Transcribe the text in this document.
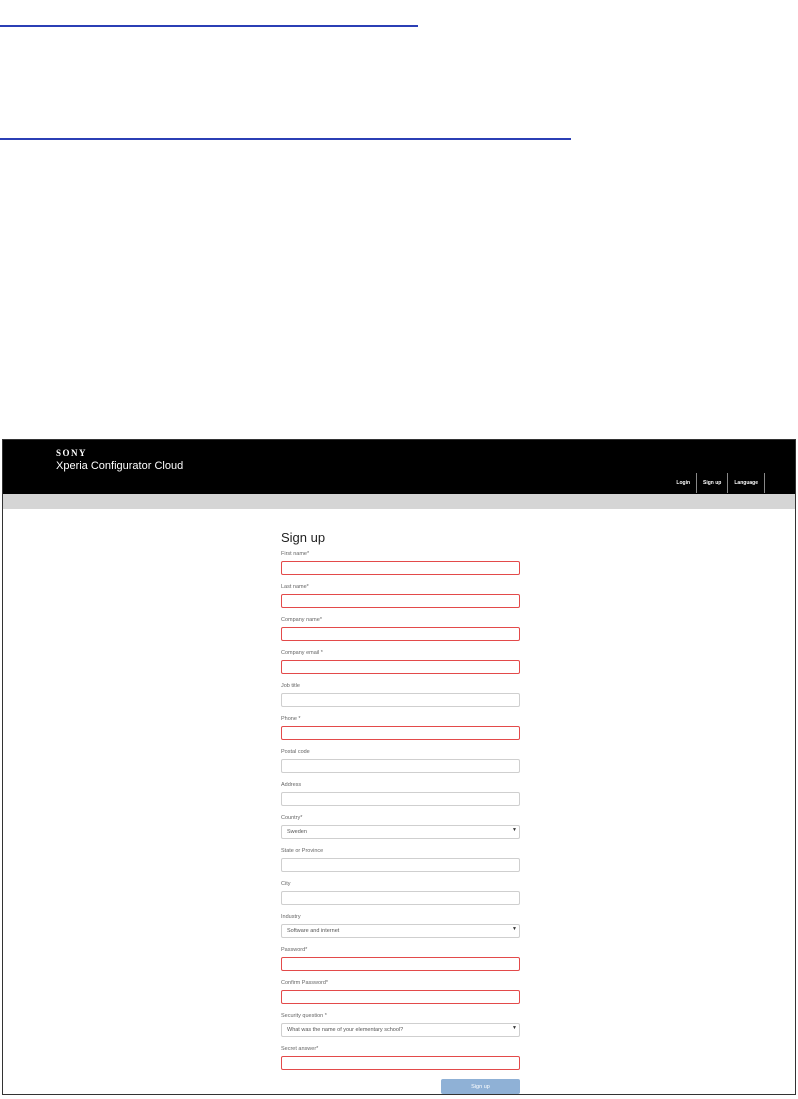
SONY
Xperia Configurator Cloud
Login	Sign up	Language
Sign up
First name*
Last name*
Company name*
Company email *
Job title
Phone *
Postal code
Address
Country*
Sweden	▼
State or Province
City
Industry
Software and internet	▼
Password*
Confirm Password*
Security question *
What was the name of your elementary school?	▼
Secret answer*
Sign up
